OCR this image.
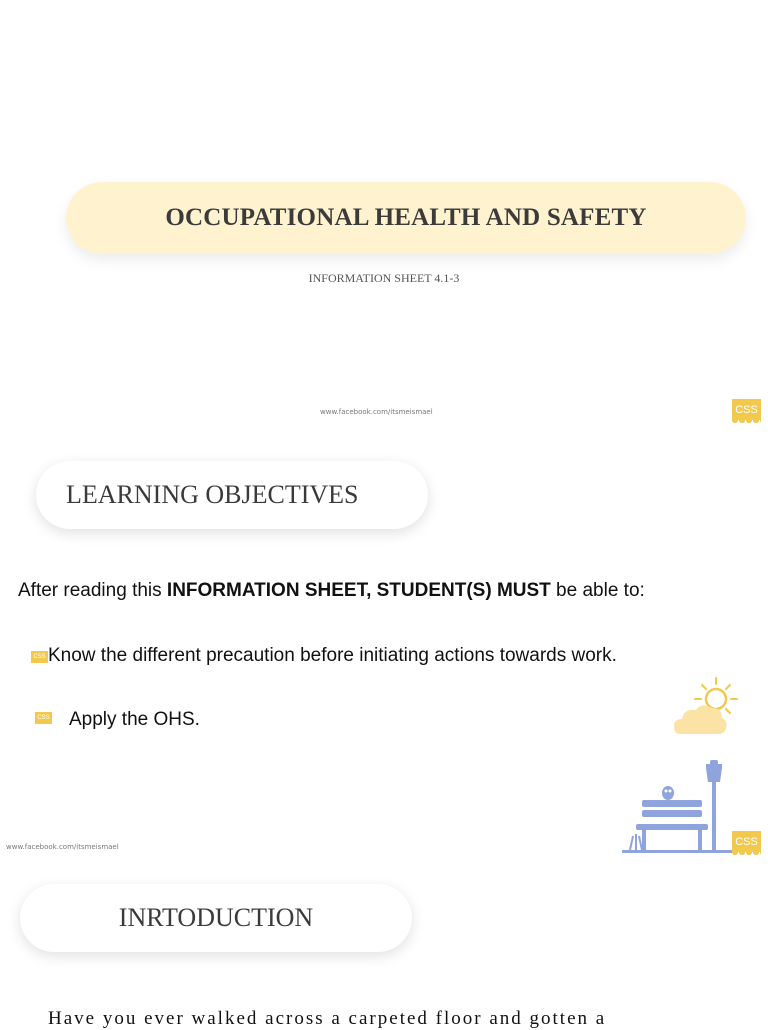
OCCUPATIONAL HEALTH AND SAFETY
INFORMATION SHEET 4.1-3
www.facebook.com/itsmeismael	CSS
LEARNING OBJECTIVES
After reading this INFORMATION SHEET, STUDENT(S) MUST be able to:
CSS Know the different precaution before initiating actions towards work.
CSS Apply the OHS.
www.facebook.com/itsmeismael	CSS
INRTODUCTION
Have you ever walked across a carpeted floor and gotten a
